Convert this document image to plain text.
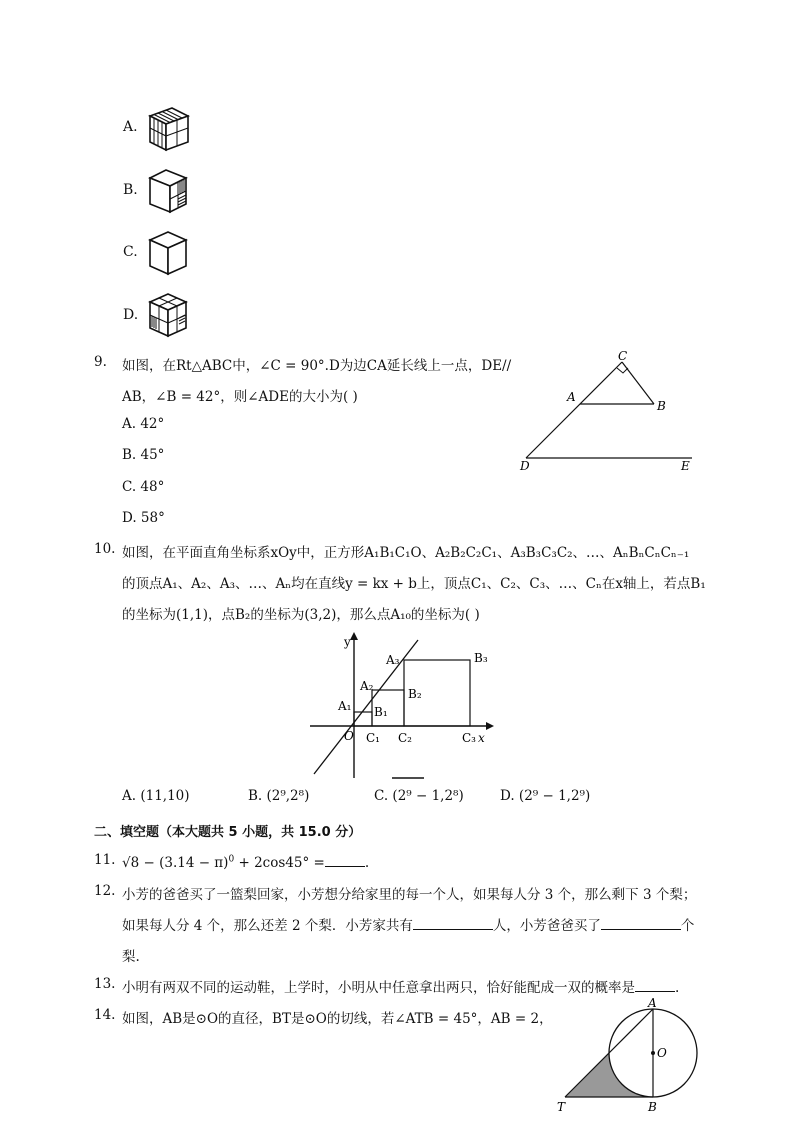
A.
B.
C.
D.
9. 如图，在Rt△ABC中，∠C = 90°.D为边CA延长线上一点，DE//
AB，∠B = 42°，则∠ADE的大小为( )
A. 42°
B. 45°
C. 48°
D. 58°
C
A
B
D	E
10. 如图，在平面直角坐标系xOy中，正方形A₁B₁C₁O、A₂B₂C₂C₁、A₃B₃C₃C₂、…、AₙBₙCₙCₙ₋₁
的顶点A₁、A₂、A₃、…、Aₙ均在直线y = kx + b上，顶点C₁、C₂、C₃、…、Cₙ在x轴上，若点B₁
的坐标为(1,1)，点B₂的坐标为(3,2)，那么点A₁₀的坐标为( )
y
x
O
A₁
A₂
A₃
B₁
B₂
B₃
C₁ C₂	C₃
A. (11,10)	B. (2⁹,2⁸)	C. (2⁹ − 1,2⁸)	D. (2⁹ − 1,2⁹)
二、填空题（本大题共 5 小题，共 15.0 分）
11. $√8 - (3.14 - \pi)^0 + 2\cos 45^\circ$ =	.
12. 小芳的爸爸买了一篮梨回家，小芳想分给家里的每一个人，如果每人分 3 个，那么剩下 3 个梨；
如果每人分 4 个，那么还差 2 个梨．小芳家共有	人，小芳爸爸买了	个
梨.
13. 小明有两双不同的运动鞋，上学时，小明从中任意拿出两只，恰好能配成一双的概率是	.
14. 如图，AB是⊙O的直径，BT是⊙O的切线，若∠ATB = 45°，AB = 2，
A
O
T	B
